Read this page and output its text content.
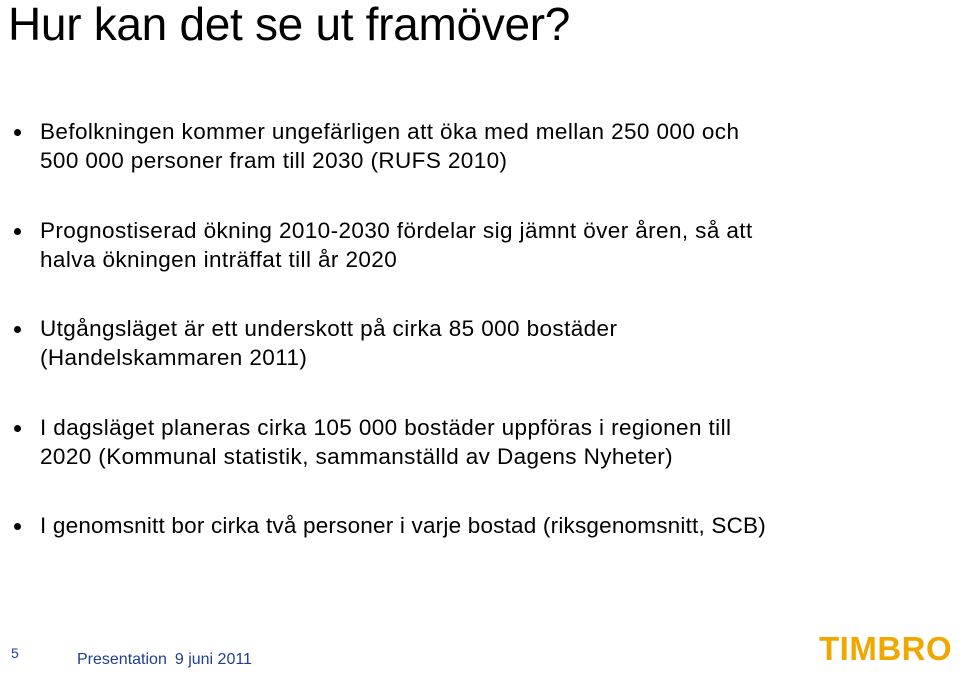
Hur kan det se ut framöver?
Befolkningen kommer ungefärligen att öka med mellan 250 000 och
500 000 personer fram till 2030 (RUFS 2010)
Prognostiserad ökning 2010-2030 fördelar sig jämnt över åren, så att
halva ökningen inträffat till år 2020
Utgångsläget är ett underskott på cirka 85 000 bostäder
(Handelskammaren 2011)
I dagsläget planeras cirka 105 000 bostäder uppföras i regionen till
2020 (Kommunal statistik, sammanställd av Dagens Nyheter)
I genomsnitt bor cirka två personer i varje bostad (riksgenomsnitt, SCB)
5	Presentation 9 juni 2011	TIMBRO
